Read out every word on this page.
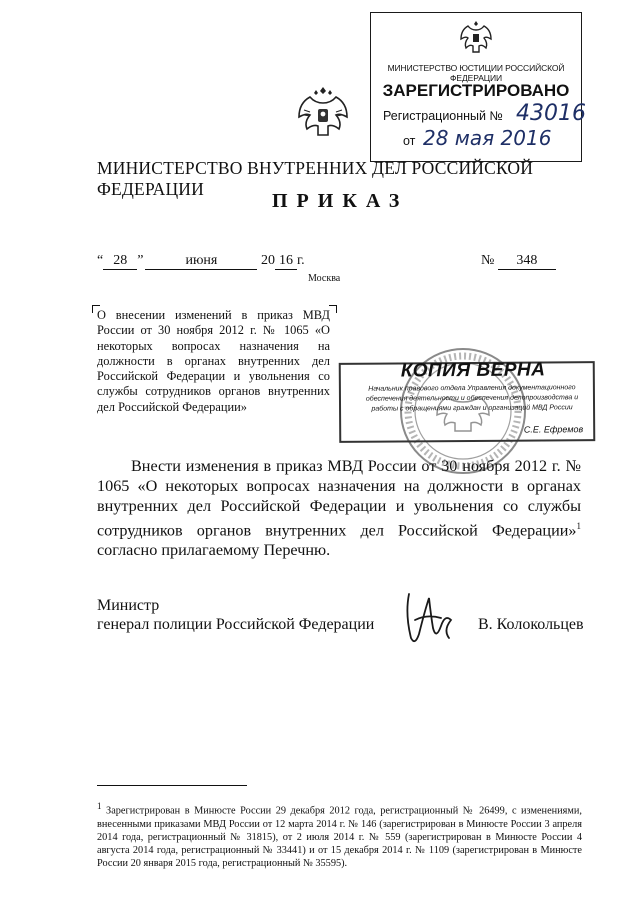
МИНИСТЕРСТВО ЮСТИЦИИ РОССИЙСКОЙ ФЕДЕРАЦИИ
ЗАРЕГИСТРИРОВАНО
Регистрационный № 43016
от 28 мая 2016
МИНИСТЕРСТВО ВНУТРЕННИХ ДЕЛ РОССИЙСКОЙ ФЕДЕРАЦИИ
ПРИКАЗ
“ 28 ”	июня	20 16 г.	№ 348
Москва
О внесении изменений в приказ МВД России от 30 ноября 2012 г. № 1065 «О некоторых вопросах назначения на должности в органах внутренних дел Российской Федерации и увольнения со службы сотрудников органов внутренних дел Российской Федерации»
КОПИЯ ВЕРНА
Начальник правового отдела Управления документационного обеспечения деятельности и обеспечения делопроизводства и работы с обращениями граждан и организаций МВД России
С.Е. Ефремов

Внести изменения в приказ МВД России от 30 ноября 2012 г. № 1065 «О некоторых вопросах назначения на должности в органах внутренних дел Российской Федерации и увольнения со службы сотрудников органов внутренних дел Российской Федерации»$^1$ согласно прилагаемому Перечню.

Министр
генерал полиции Российской Федерации	В. Колокольцев
$^1$ Зарегистрирован в Минюсте России 29 декабря 2012 года, регистрационный № 26499, с изменениями, внесенными приказами МВД России от 12 марта 2014 г. № 146 (зарегистрирован в Минюсте России 3 апреля 2014 года, регистрационный № 31815), от 2 июля 2014 г. № 559 (зарегистрирован в Минюсте России 4 августа 2014 года, регистрационный № 33441) и от 15 декабря 2014 г. № 1109 (зарегистрирован в Минюсте России 20 января 2015 года, регистрационный № 35595).
